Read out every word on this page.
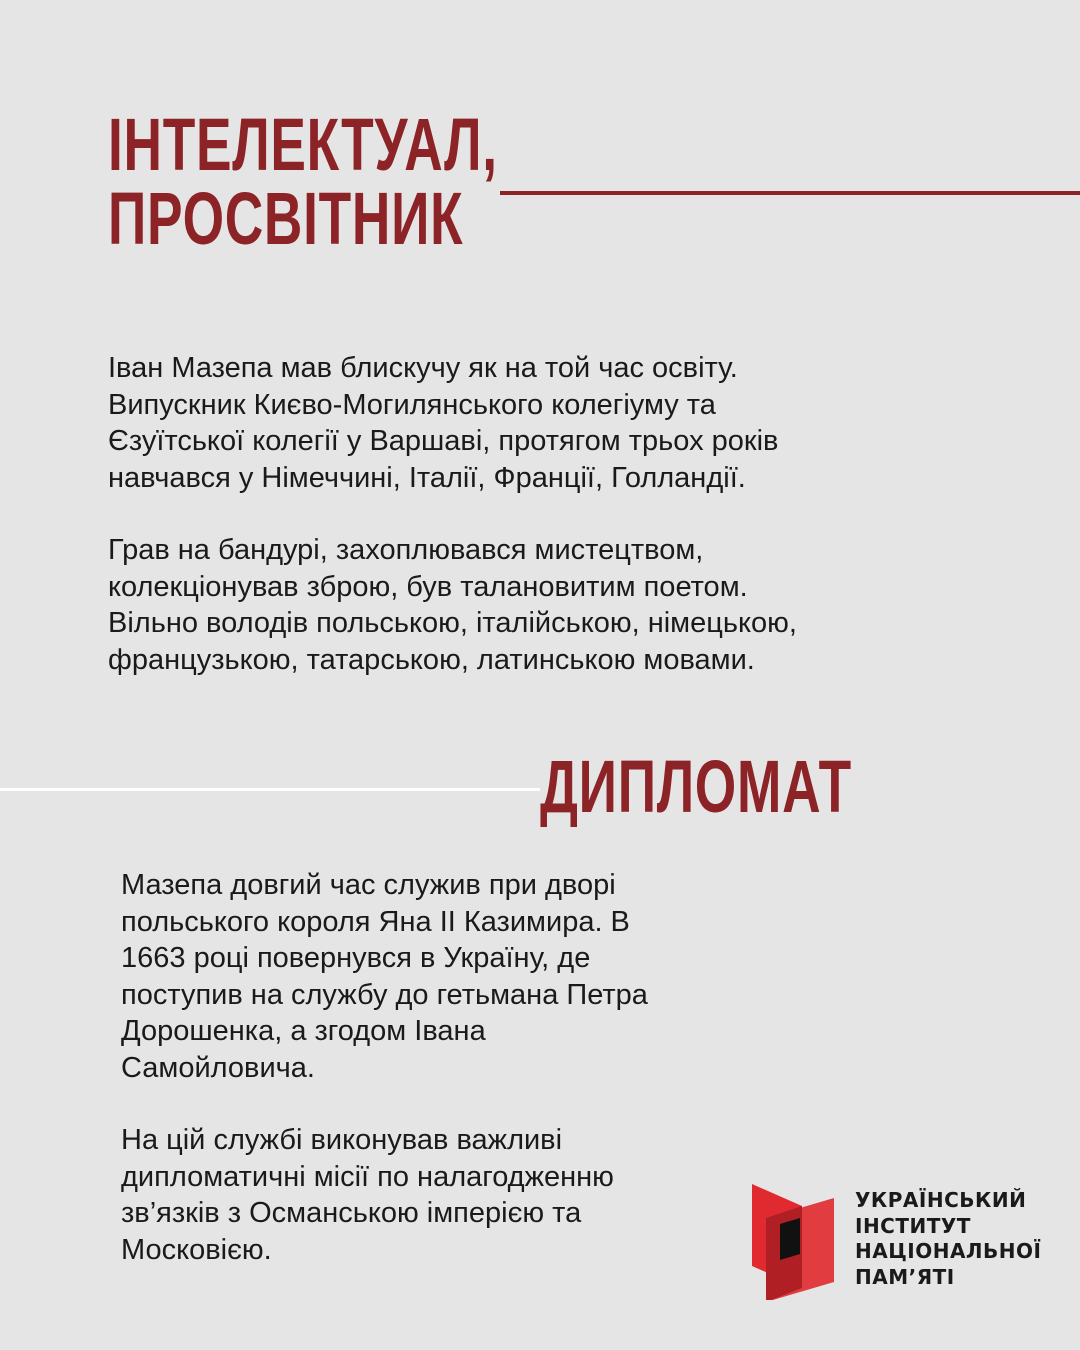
ІНТЕЛЕКТУАЛ,
ПРОСВІТНИК

Іван Мазепа мав блискучу як на той час освіту.
Випускник Києво-Могилянського колегіуму та
Єзуїтської колегії у Варшаві, протягом трьох років
навчався у Німеччині, Італії, Франції, Голландії.

Грав на бандурі, захоплювався мистецтвом,
колекціонував зброю, був талановитим поетом.
Вільно володів польською, італійською, німецькою,
французькою, татарською, латинською мовами.

ДИПЛОМАТ

Мазепа довгий час служив при дворі
польського короля Яна ІІ Казимира. В
1663 році повернувся в Україну, де
поступив на службу до гетьмана Петра
Дорошенка, а згодом Івана
Самойловича.

На цій службі виконував важливі
дипломатичні місії по налагодженню
зв’язків з Османською імперією та
Московією.

УКРАЇНСЬКИЙ
ІНСТИТУТ
НАЦІОНАЛЬНОЇ
ПАМ’ЯТІ
